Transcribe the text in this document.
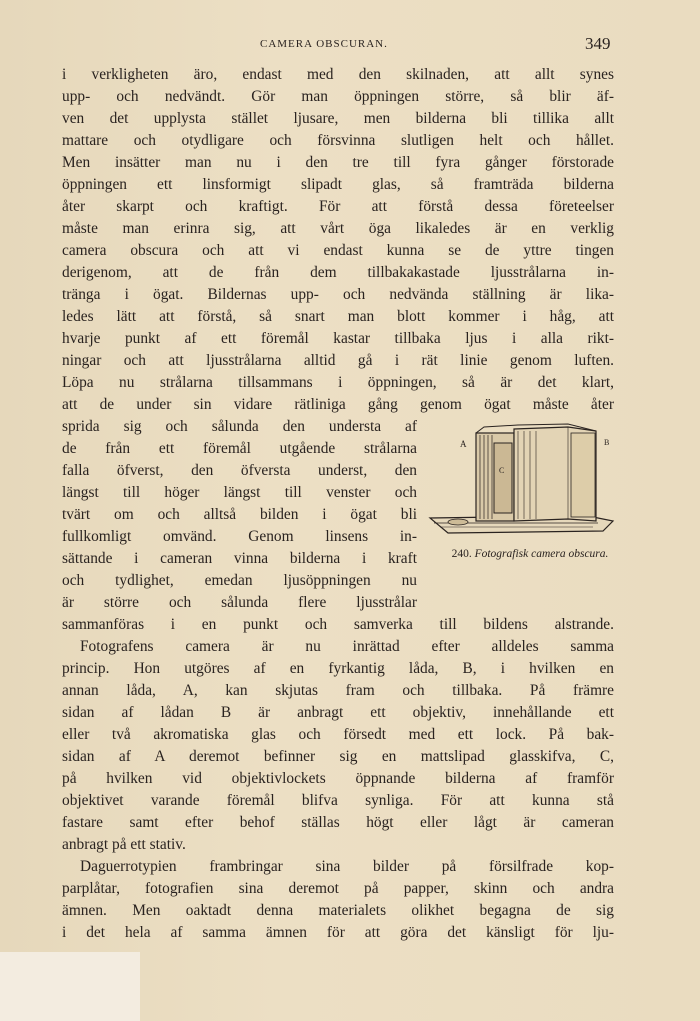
CAMERA OBSCURAN.	349
i verkligheten äro, endast med den skilnaden, att allt synes
upp- och nedvändt. Gör man öppningen större, så blir äf-
ven det upplysta stället ljusare, men bilderna bli tillika allt
mattare och otydligare och försvinna slutligen helt och hållet.
Men insätter man nu i den tre till fyra gånger förstorade
öppningen ett linsformigt slipadt glas, så framträda bilderna
åter skarpt och kraftigt. För att förstå dessa företeelser
måste man erinra sig, att vårt öga likaledes är en verklig
camera obscura och att vi endast kunna se de yttre tingen
derigenom, att de från dem tillbakakastade ljusstrålarna in-
tränga i ögat. Bildernas upp- och nedvända ställning är lika-
ledes lätt att förstå, så snart man blott kommer i håg, att
hvarje punkt af ett föremål kastar tillbaka ljus i alla rikt-
ningar och att ljusstrålarna alltid gå i rät linie genom luften.
Löpa nu strålarna tillsammans i öppningen, så är det klart,
att de under sin vidare rätliniga gång genom ögat måste åter
sprida sig och sålunda den understa af
de från ett föremål utgående strålarna
falla öfverst, den öfversta underst, den
längst till höger längst till venster och
tvärt om och alltså bilden i ögat bli
fullkomligt omvänd. Genom linsens in-
sättande i cameran vinna bilderna i kraft
och tydlighet, emedan ljusöppningen nu
är större och sålunda flere ljusstrålar
sammanföras i en punkt och samverka till bildens alstrande.
Fotografens camera är nu inrättad efter alldeles samma
princip. Hon utgöres af en fyrkantig låda, B, i hvilken en
annan låda, A, kan skjutas fram och tillbaka. På främre
sidan af lådan B är anbragt ett objektiv, innehållande ett
eller två akromatiska glas och försedt med ett lock. På bak-
sidan af A deremot befinner sig en mattslipad glasskifva, C,
på hvilken vid objektivlockets öppnande bilderna af framför
objektivet varande föremål blifva synliga. För att kunna stå
fastare samt efter behof ställas högt eller lågt är cameran
anbragt på ett stativ.
Daguerrotypien frambringar sina bilder på försilfrade kop-
parplåtar, fotografien sina deremot på papper, skinn och andra
ämnen. Men oaktadt denna materialets olikhet begagna de sig
i det hela af samma ämnen för att göra det känsligt för lju-
A
C
B
240. Fotografisk camera obscura.
